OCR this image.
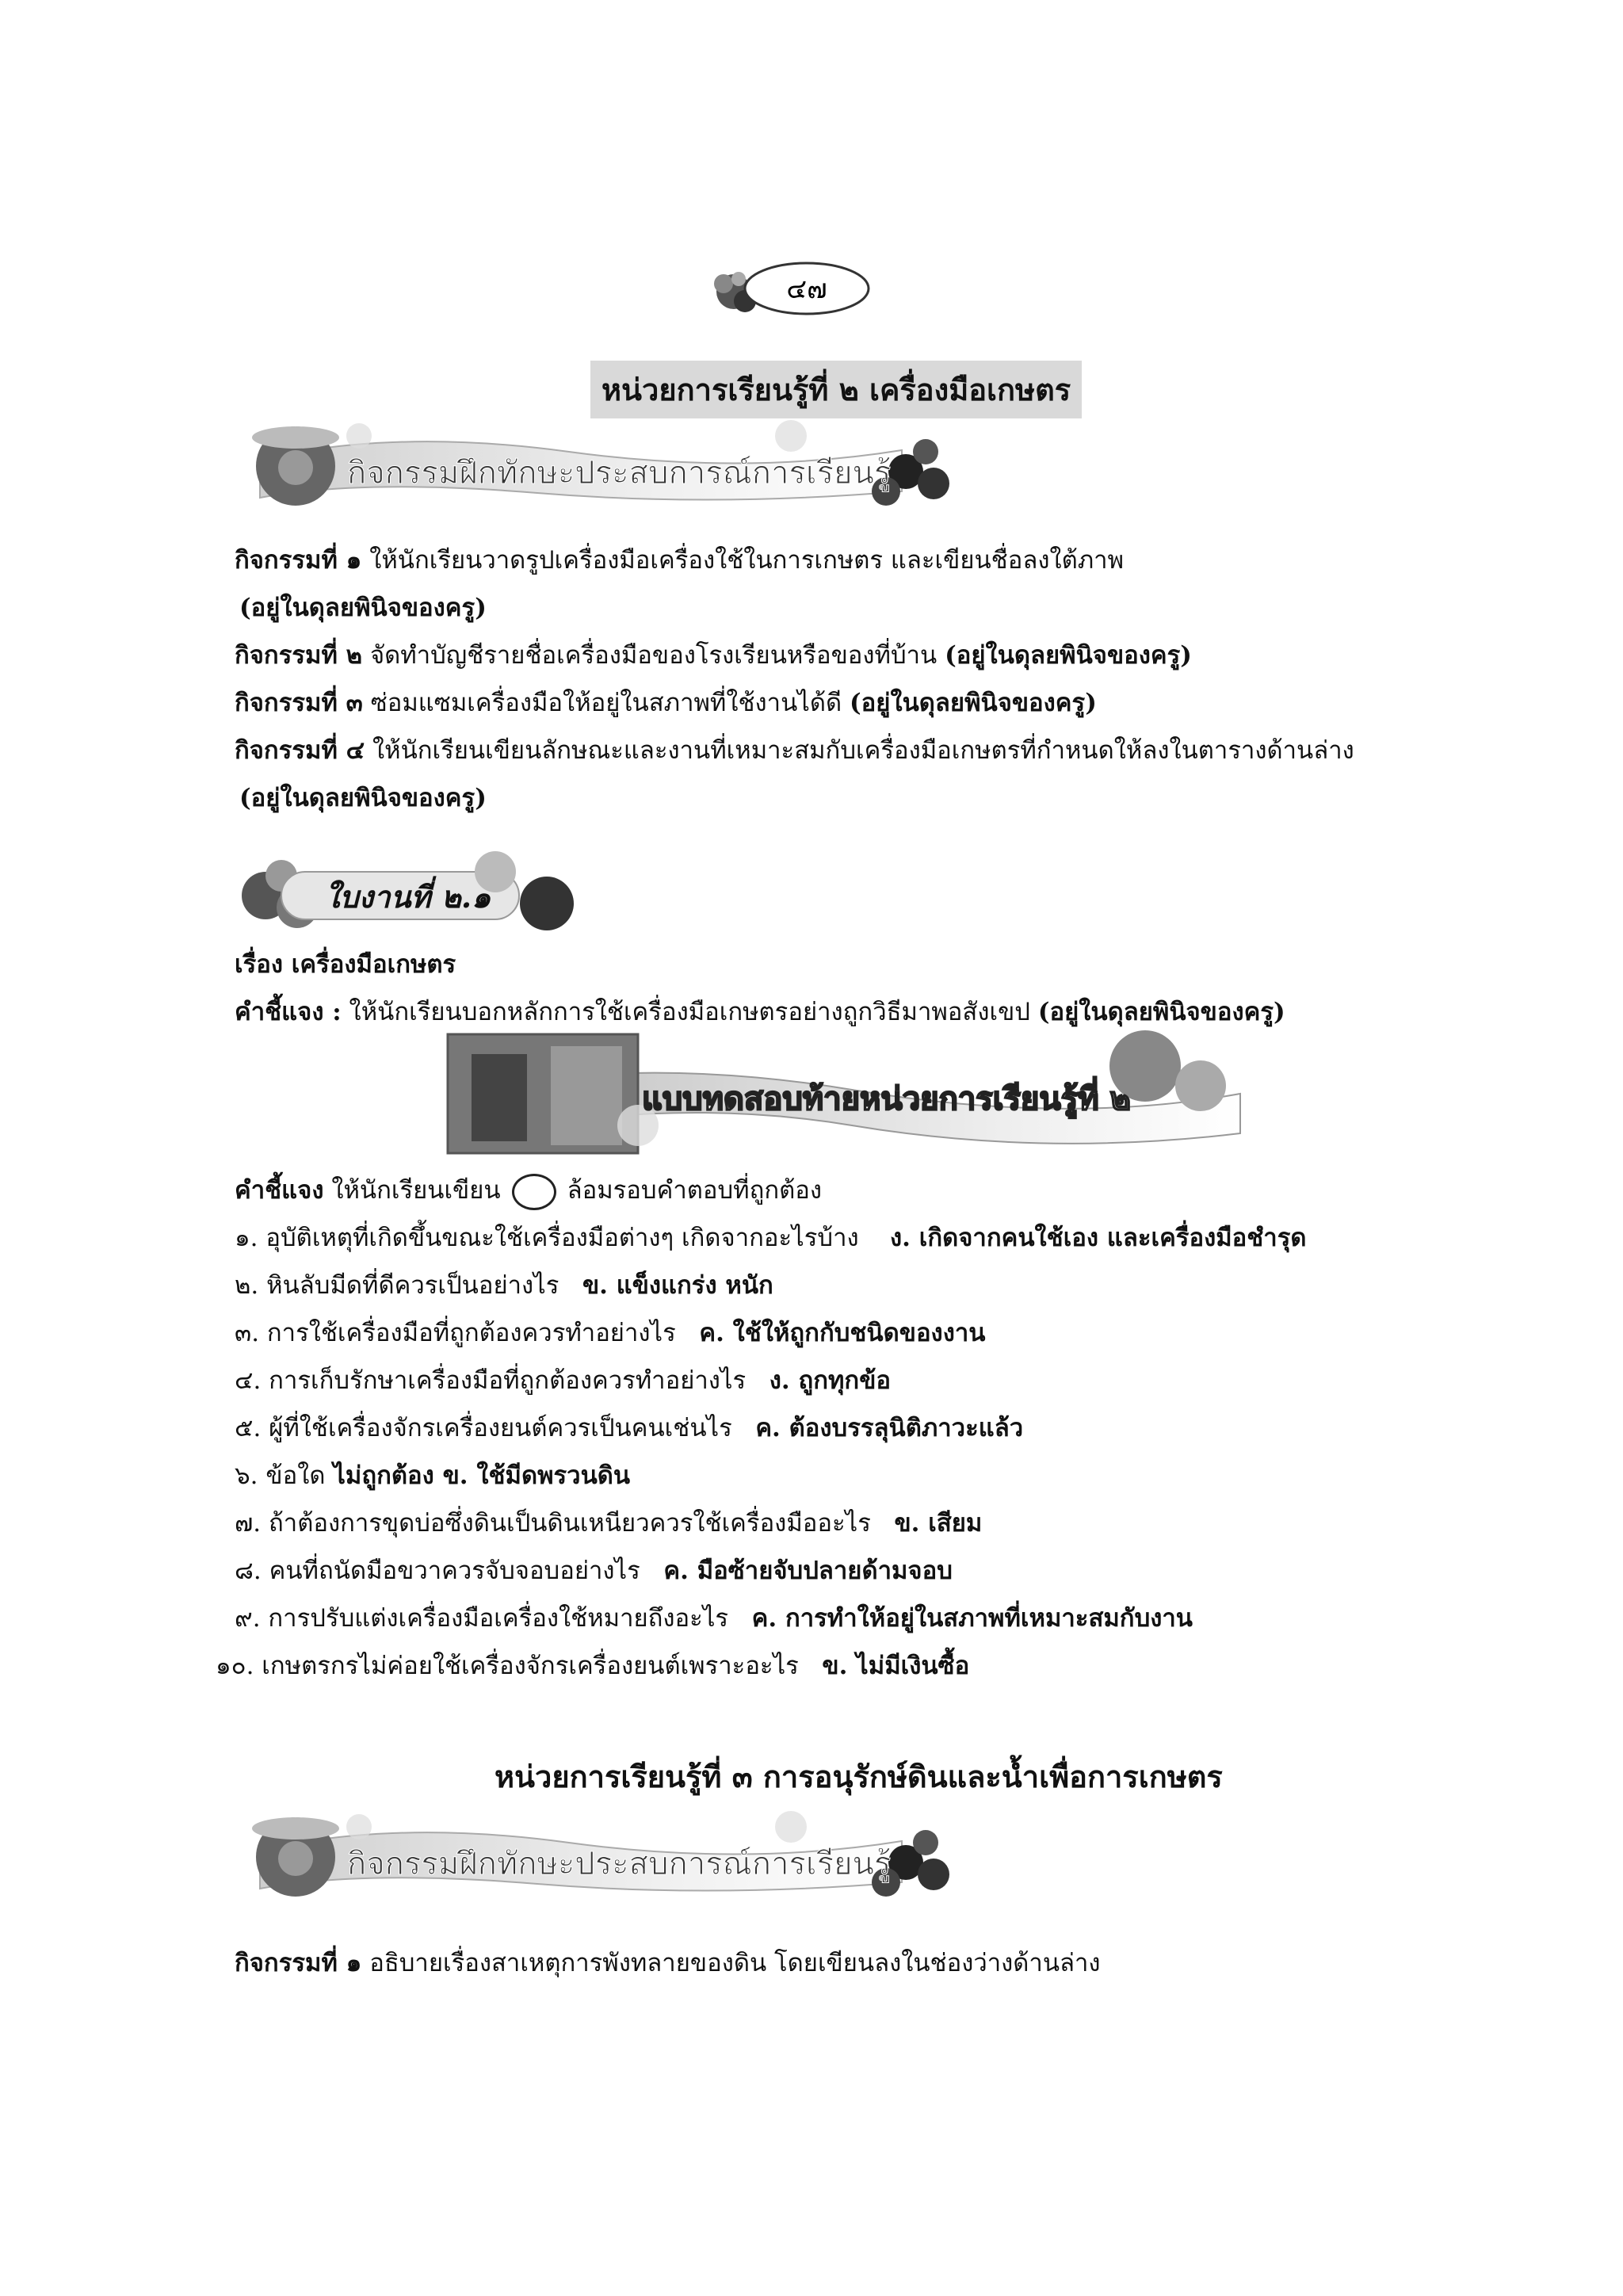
๔๗
หน่วยการเรียนรู้ที่ ๒ เครื่องมือเกษตร
กิจกรรมฝึกทักษะประสบการณ์การเรียนรู้
กิจกรรมที่ ๑ ให้นักเรียนวาดรูปเครื่องมือเครื่องใช้ในการเกษตร และเขียนชื่อลงใต้ภาพ
(อยู่ในดุลยพินิจของครู)
กิจกรรมที่ ๒ จัดทำบัญชีรายชื่อเครื่องมือของโรงเรียนหรือของที่บ้าน (อยู่ในดุลยพินิจของครู)
กิจกรรมที่ ๓ ซ่อมแซมเครื่องมือให้อยู่ในสภาพที่ใช้งานได้ดี (อยู่ในดุลยพินิจของครู)
กิจกรรมที่ ๔ ให้นักเรียนเขียนลักษณะและงานที่เหมาะสมกับเครื่องมือเกษตรที่กำหนดให้ลงในตารางด้านล่าง
(อยู่ในดุลยพินิจของครู)
ใบงานที่ ๒.๑
เรื่อง เครื่องมือเกษตร
คำชี้แจง : ให้นักเรียนบอกหลักการใช้เครื่องมือเกษตรอย่างถูกวิธีมาพอสังเขป (อยู่ในดุลยพินิจของครู)
แบบทดสอบท้ายหน่วยการเรียนรู้ที่ ๒
คำชี้แจง ให้นักเรียนเขียน	ล้อมรอบคำตอบที่ถูกต้อง
๑. อุบัติเหตุที่เกิดขึ้นขณะใช้เครื่องมือต่างๆ เกิดจากอะไรบ้าง ง. เกิดจากคนใช้เอง และเครื่องมือชำรุด
๒. หินลับมีดที่ดีควรเป็นอย่างไร ข. แข็งแกร่ง หนัก
๓. การใช้เครื่องมือที่ถูกต้องควรทำอย่างไร ค. ใช้ให้ถูกกับชนิดของงาน
๔. การเก็บรักษาเครื่องมือที่ถูกต้องควรทำอย่างไร ง. ถูกทุกข้อ
๕. ผู้ที่ใช้เครื่องจักรเครื่องยนต์ควรเป็นคนเช่นไร ค. ต้องบรรลุนิติภาวะแล้ว
๖. ข้อใด ไม่ถูกต้อง ข. ใช้มีดพรวนดิน
๗. ถ้าต้องการขุดบ่อซึ่งดินเป็นดินเหนียวควรใช้เครื่องมืออะไร ข. เสียม
๘. คนที่ถนัดมือขวาควรจับจอบอย่างไร ค. มือซ้ายจับปลายด้ามจอบ
๙. การปรับแต่งเครื่องมือเครื่องใช้หมายถึงอะไร ค. การทำให้อยู่ในสภาพที่เหมาะสมกับงาน
๑๐. เกษตรกรไม่ค่อยใช้เครื่องจักรเครื่องยนต์เพราะอะไร ข. ไม่มีเงินซื้อ
หน่วยการเรียนรู้ที่ ๓ การอนุรักษ์ดินและน้ำเพื่อการเกษตร
กิจกรรมฝึกทักษะประสบการณ์การเรียนรู้
กิจกรรมที่ ๑ อธิบายเรื่องสาเหตุการพังทลายของดิน โดยเขียนลงในช่องว่างด้านล่าง
